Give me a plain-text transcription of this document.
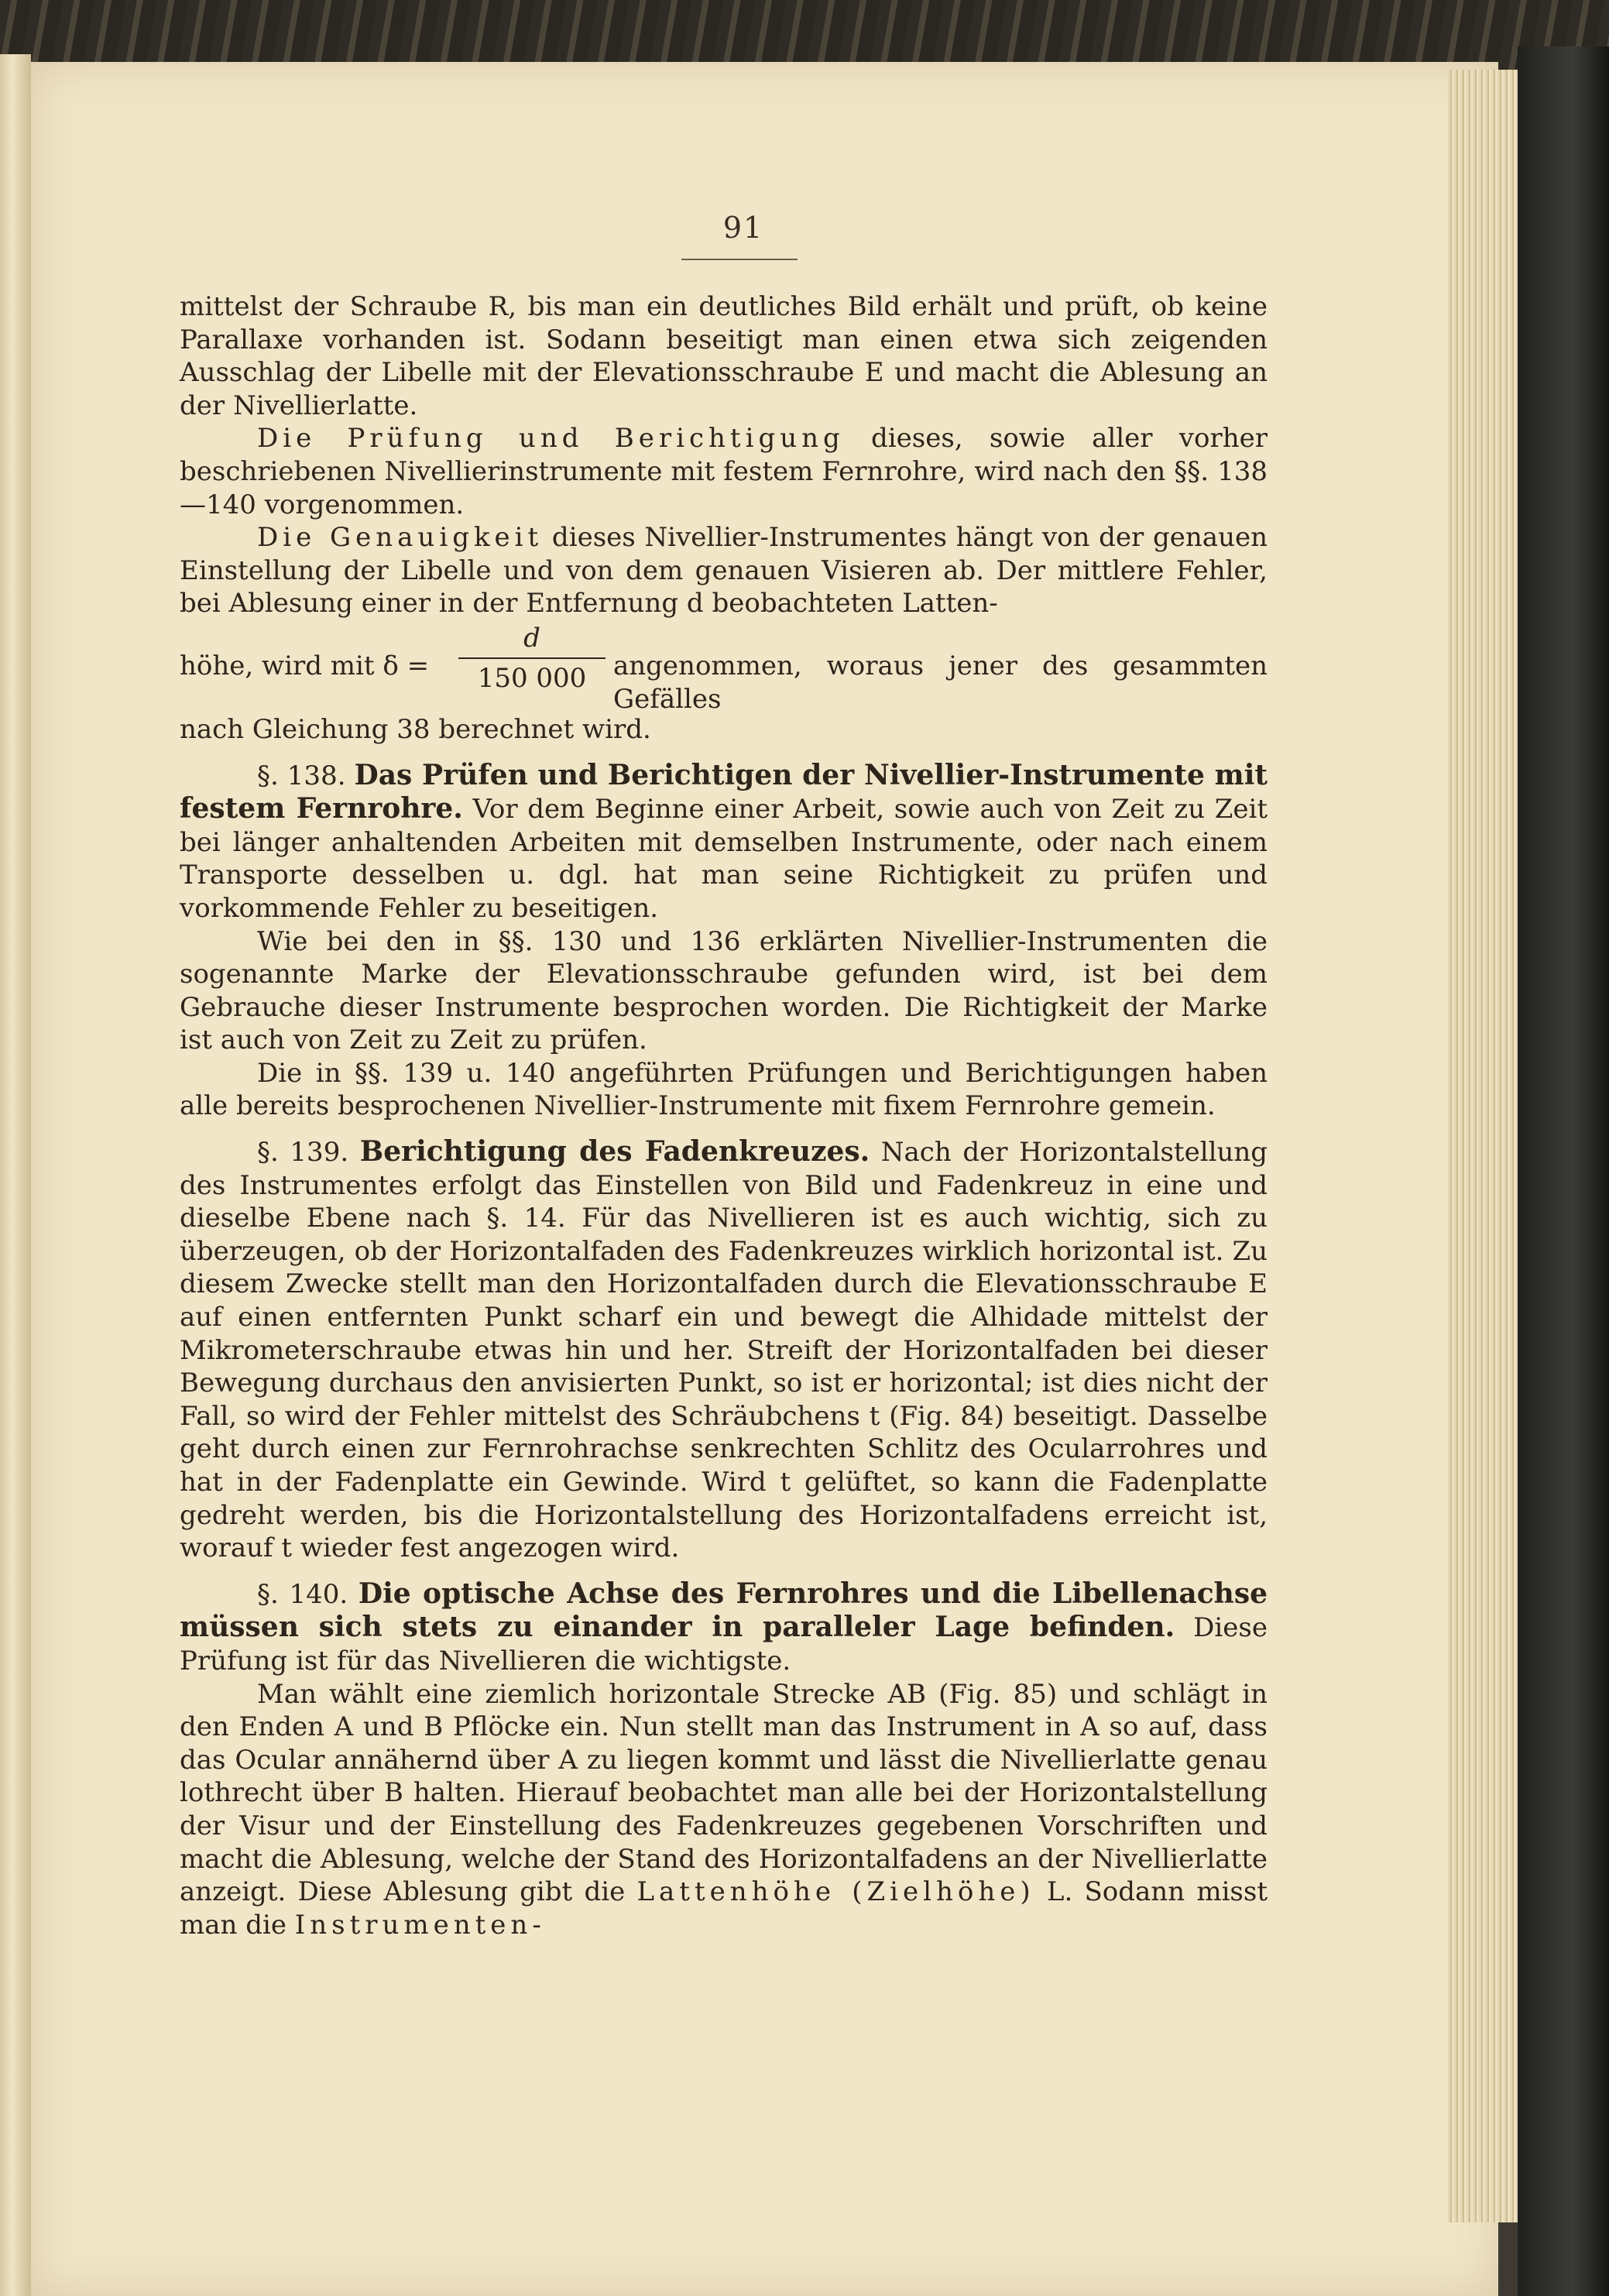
91

mittelst der Schraube R, bis man ein deutliches Bild erhält und prüft, ob keine Parallaxe vorhanden ist. Sodann beseitigt man einen etwa sich zeigenden Ausschlag der Libelle mit der Elevationsschraube E und macht die Ablesung an der Nivellierlatte.

Die Prüfung und Berichtigung dieses, sowie aller vorher beschriebenen Nivellierinstrumente mit festem Fernrohre, wird nach den §§. 138—140 vorgenommen.

Die Genauigkeit dieses Nivellier-Instrumentes hängt von der genauen Einstellung der Libelle und von dem genauen Visieren ab. Der mittlere Fehler, bei Ablesung einer in der Entfernung d beobachteten Latten-

höhe, wird mit δ =
d
150 000	angenommen, woraus jener des gesammten Gefälles

nach Gleichung 38 berechnet wird.

§. 138. Das Prüfen und Berichtigen der Nivellier-Instrumente mit festem Fernrohre. Vor dem Beginne einer Arbeit, sowie auch von Zeit zu Zeit bei länger anhaltenden Arbeiten mit demselben Instrumente, oder nach einem Transporte desselben u. dgl. hat man seine Richtigkeit zu prüfen und vorkommende Fehler zu beseitigen.

Wie bei den in §§. 130 und 136 erklärten Nivellier-Instrumenten die sogenannte Marke der Elevationsschraube gefunden wird, ist bei dem Gebrauche dieser Instrumente besprochen worden. Die Richtigkeit der Marke ist auch von Zeit zu Zeit zu prüfen.

Die in §§. 139 u. 140 angeführten Prüfungen und Berichtigungen haben alle bereits besprochenen Nivellier-Instrumente mit fixem Fernrohre gemein.

§. 139. Berichtigung des Fadenkreuzes. Nach der Horizontalstellung des Instrumentes erfolgt das Einstellen von Bild und Fadenkreuz in eine und dieselbe Ebene nach §. 14. Für das Nivellieren ist es auch wichtig, sich zu überzeugen, ob der Horizontalfaden des Fadenkreuzes wirklich horizontal ist. Zu diesem Zwecke stellt man den Horizontalfaden durch die Elevationsschraube E auf einen entfernten Punkt scharf ein und bewegt die Alhidade mittelst der Mikrometerschraube etwas hin und her. Streift der Horizontalfaden bei dieser Bewegung durchaus den anvisierten Punkt, so ist er horizontal; ist dies nicht der Fall, so wird der Fehler mittelst des Schräubchens t (Fig. 84) beseitigt. Dasselbe geht durch einen zur Fernrohrachse senkrechten Schlitz des Ocularrohres und hat in der Fadenplatte ein Gewinde. Wird t gelüftet, so kann die Fadenplatte gedreht werden, bis die Horizontalstellung des Horizontalfadens erreicht ist, worauf t wieder fest angezogen wird.

§. 140. Die optische Achse des Fernrohres und die Libellenachse müssen sich stets zu einander in paralleler Lage befinden. Diese Prüfung ist für das Nivellieren die wichtigste.

Man wählt eine ziemlich horizontale Strecke AB (Fig. 85) und schlägt in den Enden A und B Pflöcke ein. Nun stellt man das Instrument in A so auf, dass das Ocular annähernd über A zu liegen kommt und lässt die Nivellierlatte genau lothrecht über B halten. Hierauf beobachtet man alle bei der Horizontalstellung der Visur und der Einstellung des Fadenkreuzes gegebenen Vorschriften und macht die Ablesung, welche der Stand des Horizontalfadens an der Nivellierlatte anzeigt. Diese Ablesung gibt die Lattenhöhe (Zielhöhe) L. Sodann misst man die Instrumenten-
